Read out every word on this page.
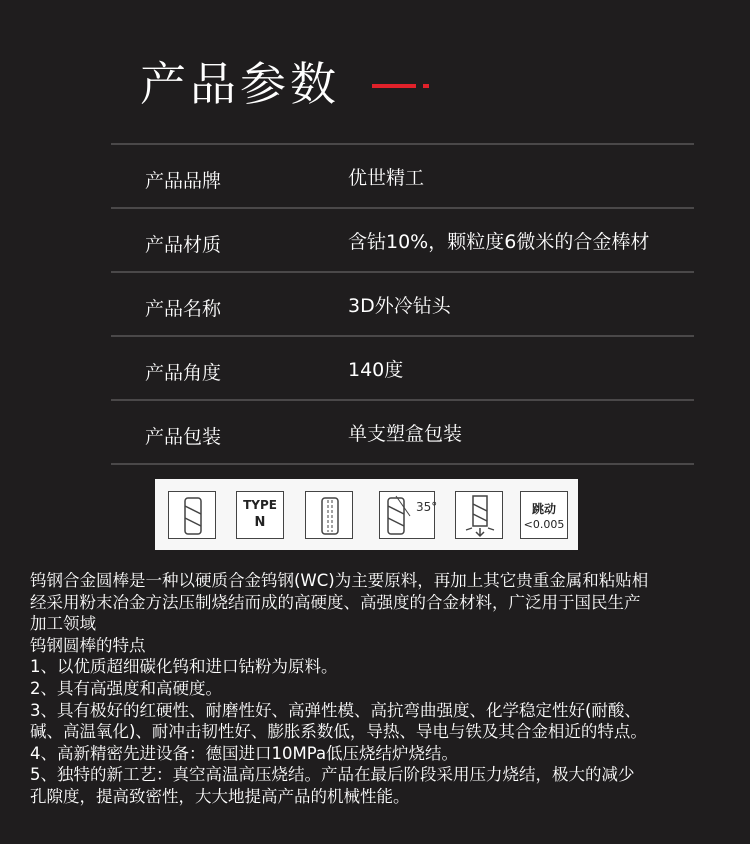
产品参数
产品品牌	优世精工
产品材质	含钴10%，颗粒度6微米的合金棒材
产品名称	3D外冷钻头
产品角度	140度
产品包装	单支塑盒包装
TYPE
N
跳动
<0.005
35°

钨钢合金圆棒是一种以硬质合金钨钢(WC)为主要原料，再加上其它贵重金属和粘贴相

经采用粉末冶金方法压制烧结而成的高硬度、高强度的合金材料，广泛用于国民生产

加工领域

钨钢圆棒的特点

1、以优质超细碳化钨和进口钴粉为原料。

2、具有高强度和高硬度。

3、具有极好的红硬性、耐磨性好、高弹性模、高抗弯曲强度、化学稳定性好(耐酸、

碱、高温氧化)、耐冲击韧性好、膨胀系数低，导热、导电与铁及其合金相近的特点。

4、高新精密先进设备：德国进口10MPa低压烧结炉烧结。

5、独特的新工艺：真空高温高压烧结。产品在最后阶段采用压力烧结，极大的减少

孔隙度，提高致密性，大大地提高产品的机械性能。
